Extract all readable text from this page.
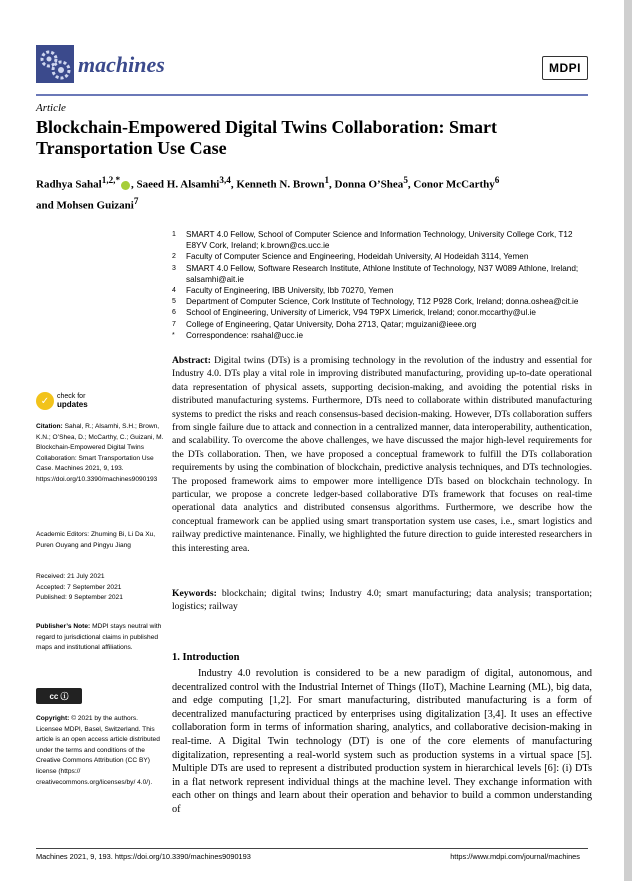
machines	MDPI
Article
Blockchain-Empowered Digital Twins Collaboration: Smart Transportation Use Case
Radhya Sahal$^{1,2,*}$ , Saeed H. Alsamhi$^{3,4}$, Kenneth N. Brown$^1$, Donna O’Shea$^5$, Conor McCarthy$^6$
and Mohsen Guizani$^7$
1	SMART 4.0 Fellow, School of Computer Science and Information Technology, University College Cork, T12 E8YV Cork, Ireland; k.brown@cs.ucc.ie
2	Faculty of Computer Science and Engineering, Hodeidah University, Al Hodeidah 3114, Yemen
3	SMART 4.0 Fellow, Software Research Institute, Athlone Institute of Technology, N37 W089 Athlone, Ireland; salsamhi@ait.ie
4	Faculty of Engineering, IBB University, Ibb 70270, Yemen
5	Department of Computer Science, Cork Institute of Technology, T12 P928 Cork, Ireland; donna.oshea@cit.ie
6	School of Engineering, University of Limerick, V94 T9PX Limerick, Ireland; conor.mccarthy@ul.ie
7	College of Engineering, Qatar University, Doha 2713, Qatar; mguizani@ieee.org
*	Correspondence: rsahal@ucc.ie
Abstract: Digital twins (DTs) is a promising technology in the revolution of the industry and essential for Industry 4.0. DTs play a vital role in improving distributed manufacturing, providing up-to-date operational data representation of physical assets, supporting decision-making, and avoiding the potential risks in distributed manufacturing systems. Furthermore, DTs need to collaborate within distributed manufacturing systems to predict the risks and reach consensus-based decision-making. However, DTs collaboration suffers from single failure due to attack and connection in a centralized manner, data interoperability, authentication, and scalability. To overcome the above challenges, we have discussed the major high-level requirements for the DTs collaboration. Then, we have proposed a conceptual framework to fulfill the DTs collaboration requirements by using the combination of blockchain, predictive analysis techniques, and DTs technologies. The proposed framework aims to empower more intelligence DTs based on blockchain technology. In particular, we propose a concrete ledger-based collaborative DTs framework that focuses on real-time operational data analytics and distributed consensus algorithms. Furthermore, we describe how the conceptual framework can be applied using smart transportation system use cases, i.e., smart logistics and railway predictive maintenance. Finally, we highlighted the future direction to guide interested researchers in this interesting area.
Keywords: blockchain; digital twins; Industry 4.0; smart manufacturing; data analysis; transportation; logistics; railway
✓	check for
updates
Citation: Sahal, R.; Alsamhi, S.H.; Brown, K.N.; O’Shea, D.; McCarthy, C.; Guizani, M. Blockchain-Empowered Digital Twins Collaboration: Smart Transportation Use Case. Machines 2021, 9, 193. https://doi.org/10.3390/machines9090193
Academic Editors: Zhuming Bi, Li Da Xu, Puren Ouyang and Pingyu Jiang
Received: 21 July 2021
Accepted: 7 September 2021
Published: 9 September 2021
Publisher’s Note: MDPI stays neutral with regard to jurisdictional claims in published maps and institutional affiliations.
cc ⓘ
Copyright: © 2021 by the authors. Licensee MDPI, Basel, Switzerland. This article is an open access article distributed under the terms and conditions of the Creative Commons Attribution (CC BY) license (https:// creativecommons.org/licenses/by/ 4.0/).
1. Introduction
Industry 4.0 revolution is considered to be a new paradigm of digital, autonomous, and decentralized control with the Industrial Internet of Things (IIoT), Machine Learning (ML), big data, and edge computing [1,2]. For smart manufacturing, distributed manufacturing is a form of decentralized manufacturing practiced by enterprises using digitalization [3,4]. It uses an effective collaboration form in terms of information sharing, analytics, and collaborative decision-making in real-time. A Digital Twin technology (DT) is one of the core elements of manufacturing digitalization, representing a real-world system such as production systems in a virtual space [5]. Multiple DTs are used to represent a distributed production system in hierarchical levels [6]: (i) DTs in a flat network represent individual things at the machine level. They exchange information with each other on things and learn about their operation and behavior to build a common understanding of
Machines 2021, 9, 193. https://doi.org/10.3390/machines9090193	https://www.mdpi.com/journal/machines
